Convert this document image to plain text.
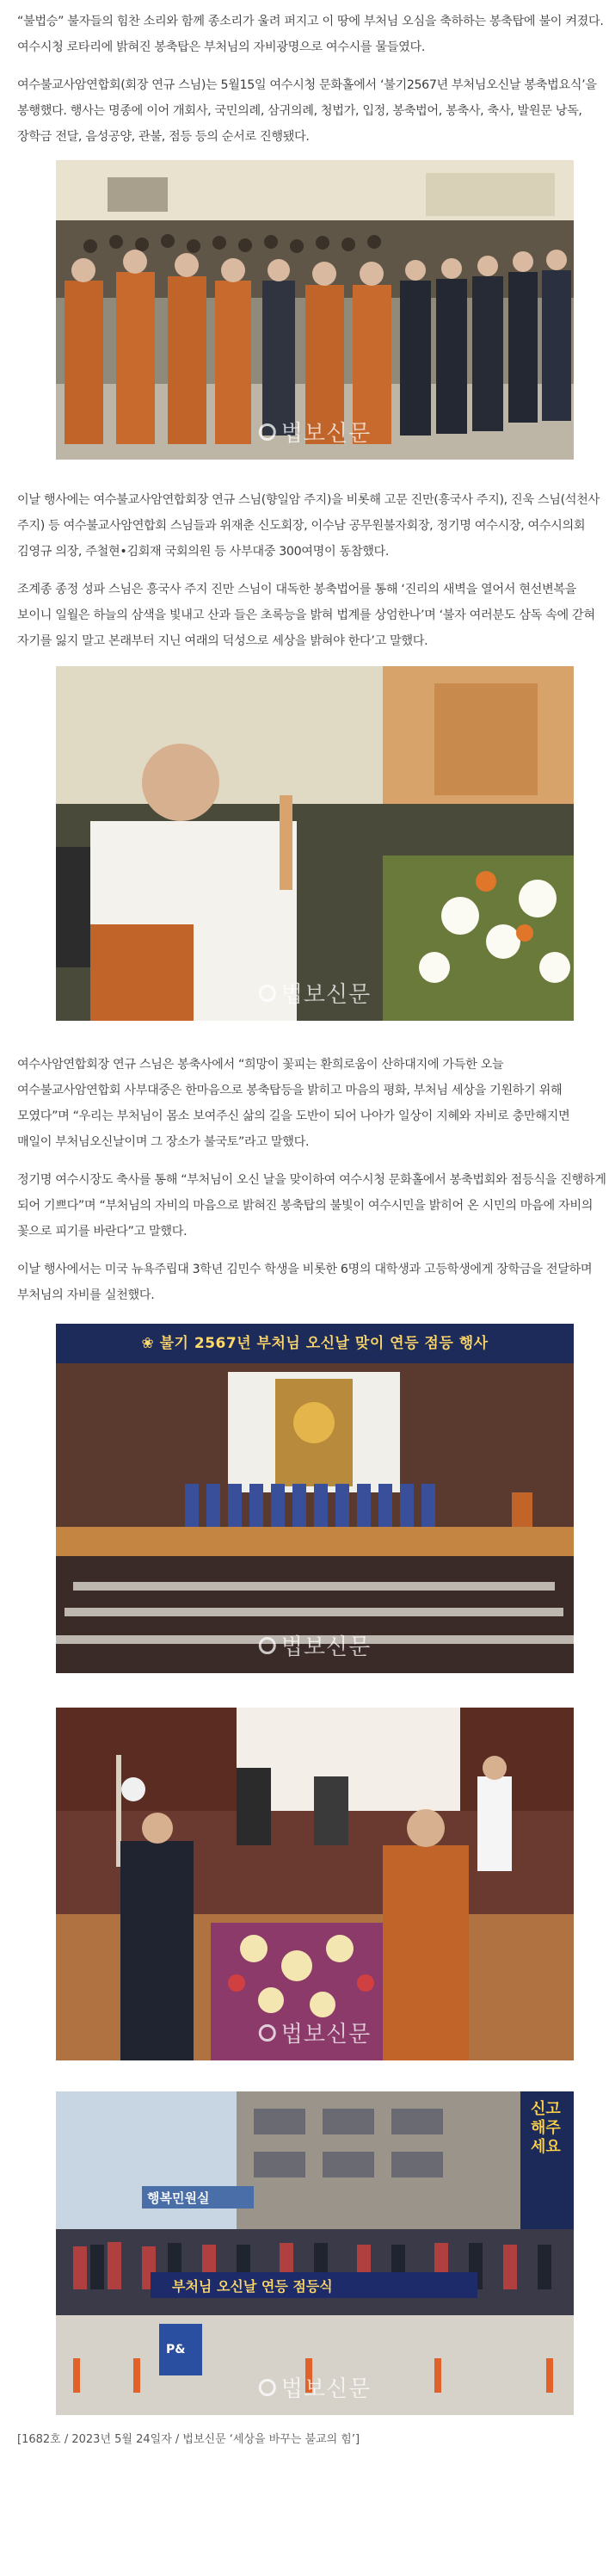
“불법승” 불자들의 힘찬 소리와 함께 종소리가 울려 퍼지고 이 땅에 부처님 오심을 축하하는 봉축탑에 불이 켜졌다. 여수시청 로타리에 밝혀진 봉축탑은 부처님의 자비광명으로 여수시를 물들였다.

여수불교사암연합회(회장 연규 스님)는 5월15일 여수시청 문화홀에서 ‘불기2567년 부처님오신날 봉축법요식’을 봉행했다. 행사는 명종에 이어 개회사, 국민의례, 삼귀의례, 청법가, 입정, 봉축법어, 봉축사, 축사, 발원문 낭독, 장학금 전달, 음성공양, 관불, 점등 등의 순서로 진행됐다.

법보신문

이날 행사에는 여수불교사암연합회장 연규 스님(향일암 주지)을 비롯해 고문 진만(흥국사 주지), 진욱 스님(석천사 주지) 등 여수불교사암연합회 스님들과 위재춘 신도회장, 이수남 공무원불자회장, 정기명 여수시장, 여수시의회 김영규 의장, 주철현•김회재 국회의원 등 사부대중 300여명이 동참했다.

조계종 종정 성파 스님은 흥국사 주지 진만 스님이 대독한 봉축법어를 통해 ‘진리의 새벽을 열어서 현선변복을 보이니 일월은 하늘의 삼색을 빛내고 산과 들은 초록능을 밝혀 법계를 상엄한나’며 ‘불자 여러분도 삼독 속에 갇혀 자기를 잃지 말고 본래부터 지닌 여래의 덕성으로 세상을 밝혀야 한다’고 말했다.

법보신문

여수사암연합회장 연규 스님은 봉축사에서 “희망이 꽃피는 환희로움이 산하대지에 가득한 오늘 여수불교사암연합회 사부대중은 한마음으로 봉축탑등을 밝히고 마음의 평화, 부처님 세상을 기원하기 위해 모였다”며 “우리는 부처님이 몸소 보여주신 삶의 길을 도반이 되어 나아가 일상이 지혜와 자비로 충만해지면 매일이 부처님오신날이며 그 장소가 불국토”라고 말했다.

정기명 여수시장도 축사를 통해 “부처님이 오신 날을 맞이하여 여수시청 문화홀에서 봉축법회와 점등식을 진행하게 되어 기쁘다”며 “부처님의 자비의 마음으로 밝혀진 봉축탑의 불빛이 여수시민을 밝히어 온 시민의 마음에 자비의 꽃으로 피기를 바란다”고 말했다.

이날 행사에서는 미국 뉴욕주립대 3학년 김민수 학생을 비롯한 6명의 대학생과 고등학생에게 장학금을 전달하며 부처님의 자비를 실천했다.

❀ 불기 2567년 부처님 오신날 맞이 연등 점등 행사
법보신문
법보신문
행복민원실
부처님 오신날 연등 점등식
신고해주세요
P&
법보신문

[1682호 / 2023년 5월 24일자 / 법보신문 ‘세상을 바꾸는 불교의 힘’]
